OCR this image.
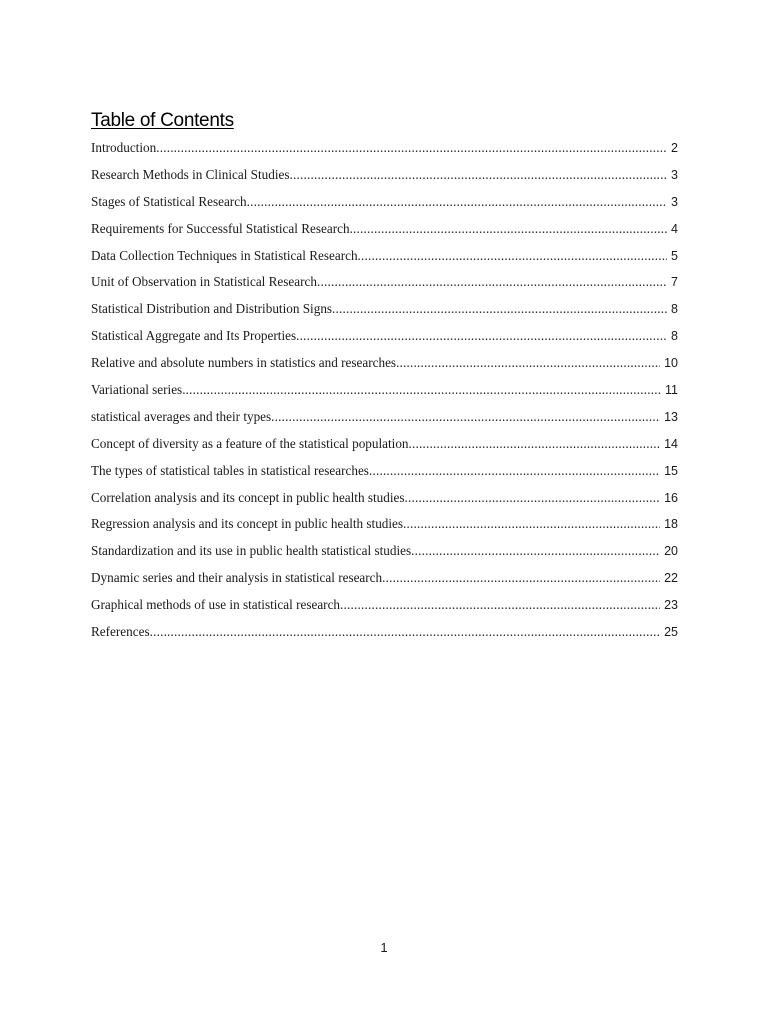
Table of Contents
Introduction .....	2
Research Methods in Clinical Studies .....	3
Stages of Statistical Research .....	3
Requirements for Successful Statistical Research .....	4
Data Collection Techniques in Statistical Research .....	5
Unit of Observation in Statistical Research .....	7
Statistical Distribution and Distribution Signs .....	8
Statistical Aggregate and Its Properties .....	8
Relative and absolute numbers in statistics and researches .....	10
Variational series .....	11
statistical averages and their types .....	13
Concept of diversity as a feature of the statistical population .....	14
The types of statistical tables in statistical researches .....	15
Correlation analysis and its concept in public health studies .....	16
Regression analysis and its concept in public health studies .....	18
Standardization and its use in public health statistical studies .....	20
Dynamic series and their analysis in statistical research .....	22
Graphical methods of use in statistical research .....	23
References .....	25
1
